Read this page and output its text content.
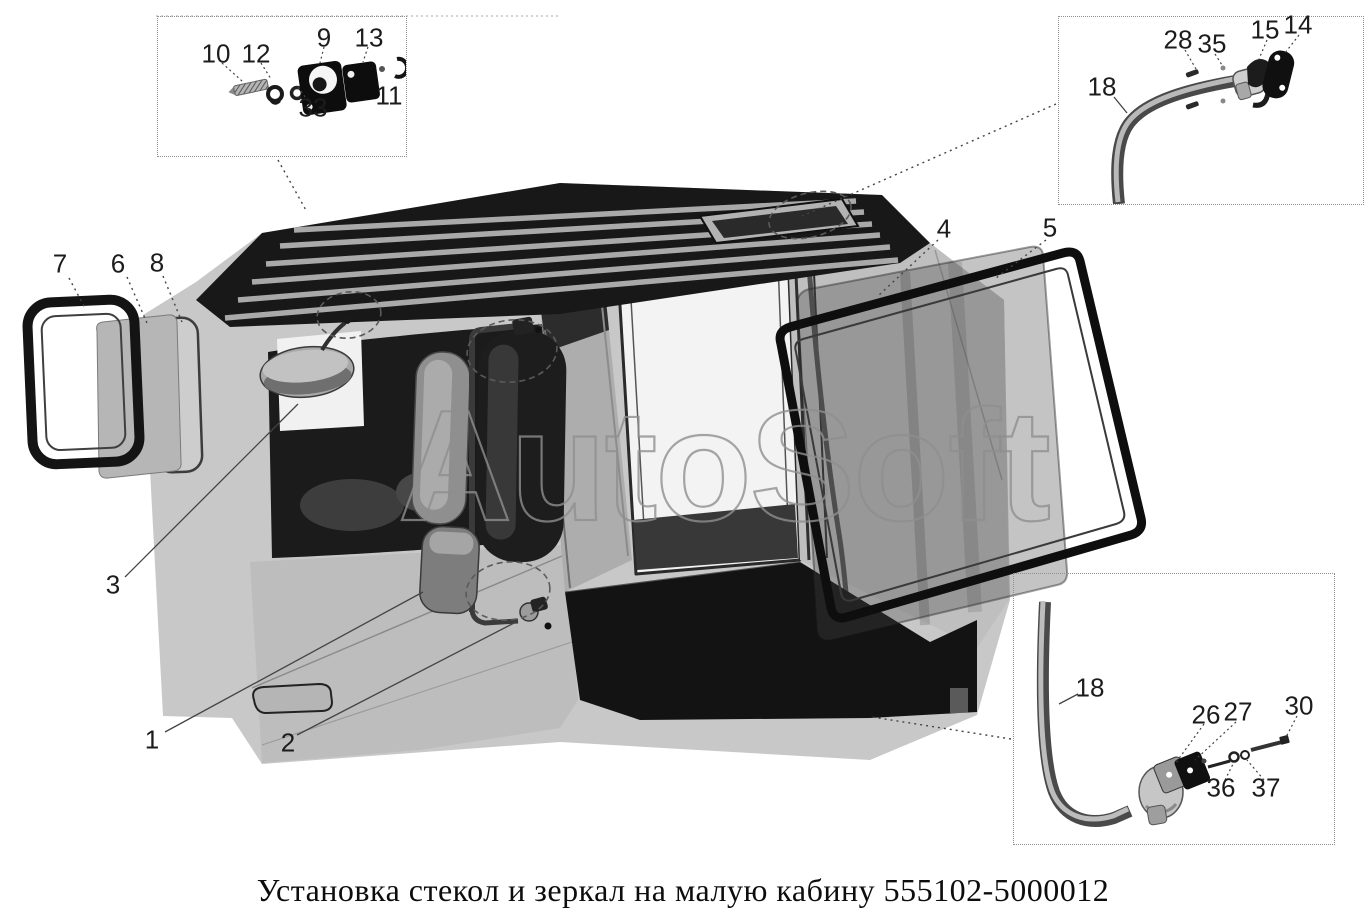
AutoSoft
7 6 8
3
1	2
4	5
10 12
9 13
33 11	18
28 35 15 14
18
26 27 30
36 37
Установка стекол и зеркал на малую кабину 555102-5000012
